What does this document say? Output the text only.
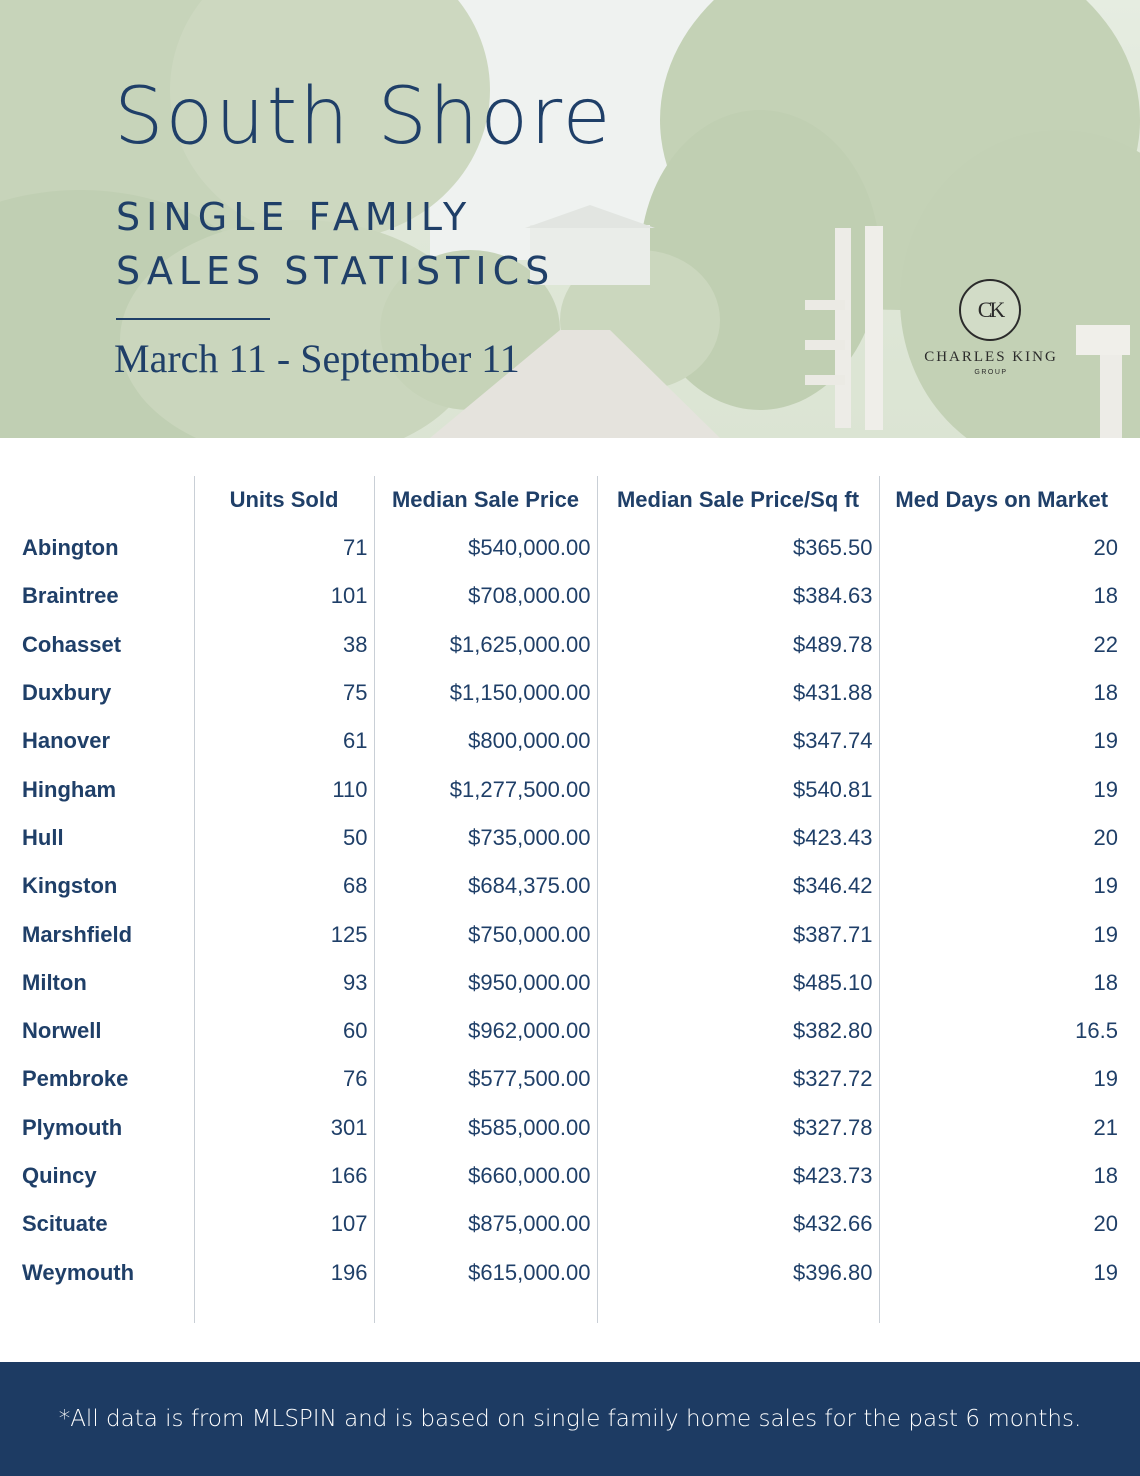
South Shore
SINGLE FAMILY
SALES STATISTICS
March 11 - September 11
CK
CHARLES KING
GROUP
	Units Sold	Median Sale Price	Median Sale Price/Sq ft	Med Days on Market
Abington	71	$540,000.00	$365.50	20
Braintree	101	$708,000.00	$384.63	18
Cohasset	38	$1,625,000.00	$489.78	22
Duxbury	75	$1,150,000.00	$431.88	18
Hanover	61	$800,000.00	$347.74	19
Hingham	110	$1,277,500.00	$540.81	19
Hull	50	$735,000.00	$423.43	20
Kingston	68	$684,375.00	$346.42	19
Marshfield	125	$750,000.00	$387.71	19
Milton	93	$950,000.00	$485.10	18
Norwell	60	$962,000.00	$382.80	16.5
Pembroke	76	$577,500.00	$327.72	19
Plymouth	301	$585,000.00	$327.78	21
Quincy	166	$660,000.00	$423.73	18
Scituate	107	$875,000.00	$432.66	20
Weymouth	196	$615,000.00	$396.80	19

*All data is from MLSPIN and is based on single family home sales for the past 6 months.
